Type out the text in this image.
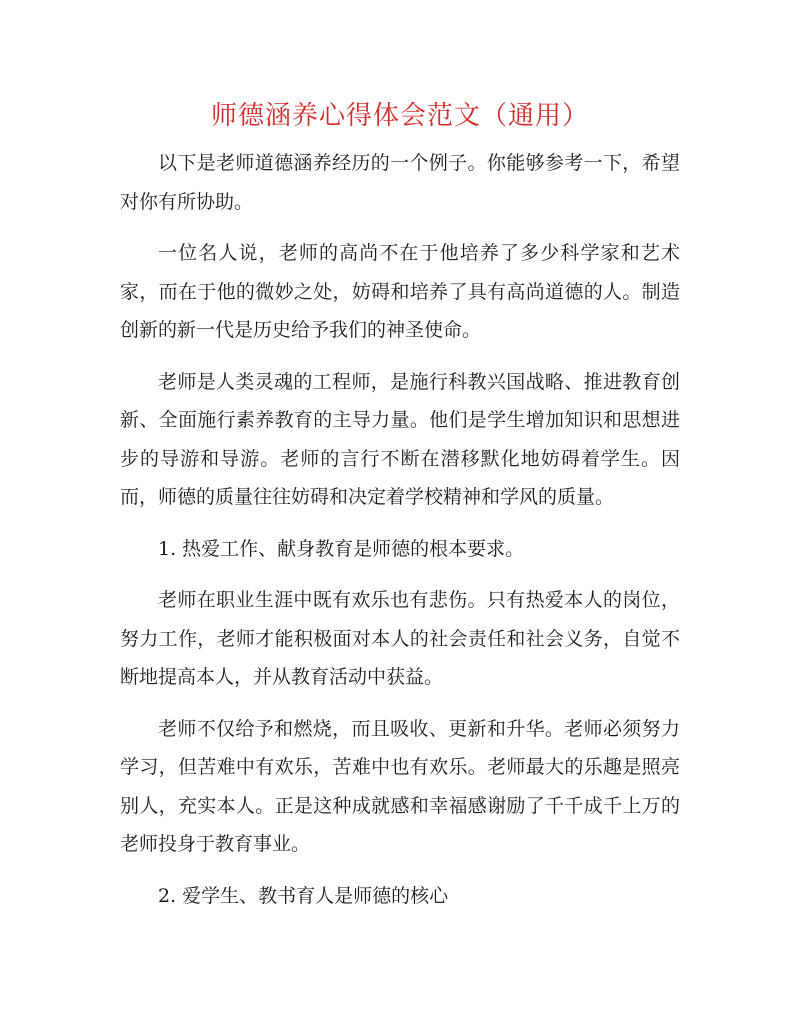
师德涵养心得体会范文（通用）

以下是老师道德涵养经历的一个例子。你能够参考一下，希望对你有所协助。

一位名人说，老师的高尚不在于他培养了多少科学家和艺术家，而在于他的微妙之处，妨碍和培养了具有高尚道德的人。制造创新的新一代是历史给予我们的神圣使命。

老师是人类灵魂的工程师，是施行科教兴国战略、推进教育创新、全面施行素养教育的主导力量。他们是学生增加知识和思想进步的导游和导游。老师的言行不断在潜移默化地妨碍着学生。因而，师德的质量往往妨碍和决定着学校精神和学风的质量。

1. 热爱工作、献身教育是师德的根本要求。

老师在职业生涯中既有欢乐也有悲伤。只有热爱本人的岗位，努力工作，老师才能积极面对本人的社会责任和社会义务，自觉不断地提高本人，并从教育活动中获益。

老师不仅给予和燃烧，而且吸收、更新和升华。老师必须努力学习，但苦难中有欢乐，苦难中也有欢乐。老师最大的乐趣是照亮别人，充实本人。正是这种成就感和幸福感谢励了千千成千上万的老师投身于教育事业。

2. 爱学生、教书育人是师德的核心
